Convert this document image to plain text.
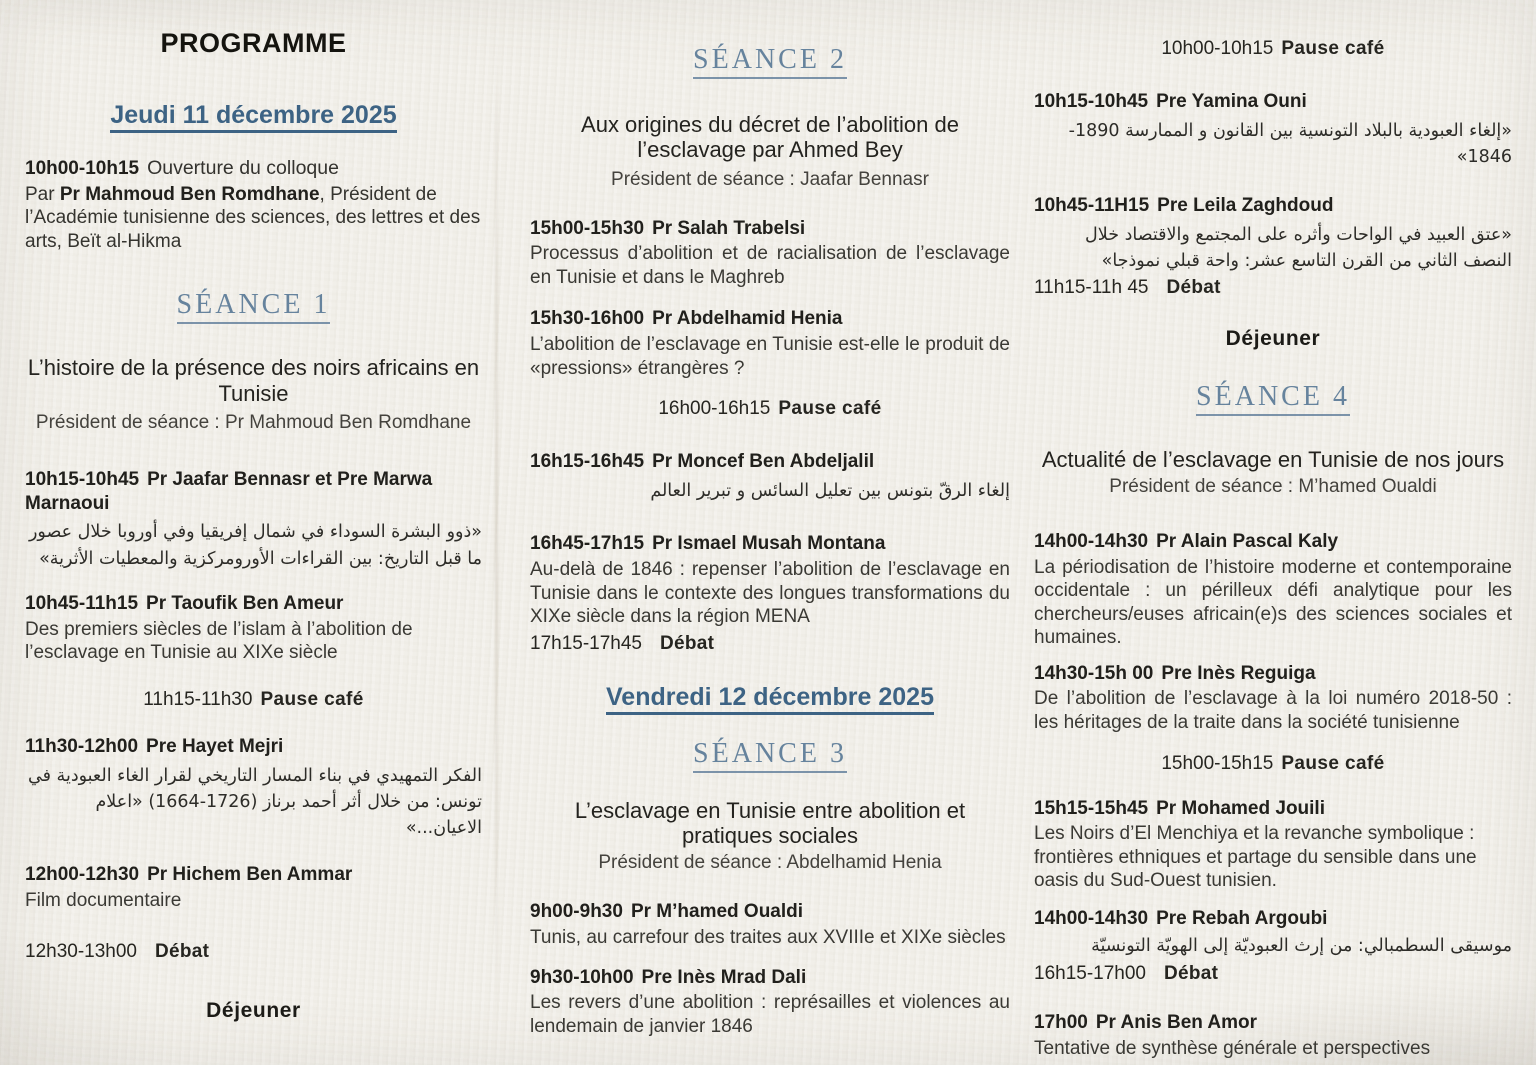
PROGRAMME
Jeudi 11 décembre 2025
10h00-10h15 Ouverture du colloque

Par Pr Mahmoud Ben Romdhane, Président de l’Académie tunisienne des sciences, des lettres et des arts, Beït al-Hikma

SÉANCE 1
L’histoire de la présence des noirs africains en Tunisie
Président de séance : Pr Mahmoud Ben Romdhane
10h15-10h45 Pr Jaafar Bennasr et Pre Marwa Marnaoui

«ذوو البشرة السوداء في شمال إفريقيا وفي أوروبا خلال عصور ما قبل التاريخ: بين القراءات الأورومركزية والمعطيات الأثرية»

10h45-11h15 Pr Taoufik Ben Ameur

Des premiers siècles de l’islam à l’abolition de l’esclavage en Tunisie au XIXe siècle

11h15-11h30 Pause café
11h30-12h00 Pre Hayet Mejri

الفكر التمهيدي في بناء المسار التاريخي لقرار الغاء العبودية في تونس: من خلال أثر أحمد برناز (1726-1664) «اعلام الاعيان...»

12h00-12h30 Pr Hichem Ben Ammar

Film documentaire

12h30-13h00 Débat
Déjeuner
SÉANCE 2
Aux origines du décret de l’abolition de l’esclavage par Ahmed Bey
Président de séance : Jaafar Bennasr
15h00-15h30 Pr Salah Trabelsi

Processus d’abolition et de racialisation de l’esclavage en Tunisie et dans le Maghreb

15h30-16h00 Pr Abdelhamid Henia

L’abolition de l’esclavage en Tunisie est-elle le produit de «pressions» étrangères ?

16h00-16h15 Pause café
16h15-16h45 Pr Moncef Ben Abdeljalil

إلغاء الرقّ بتونس بين تعليل السائس و تبرير العالم

16h45-17h15 Pr Ismael Musah Montana

Au-delà de 1846 : repenser l’abolition de l’esclavage en Tunisie dans le contexte des longues transformations du XIXe siècle dans la région MENA

17h15-17h45 Débat
Vendredi 12 décembre 2025
SÉANCE 3
L’esclavage en Tunisie entre abolition et pratiques sociales
Président de séance : Abdelhamid Henia
9h00-9h30 Pr M’hamed Oualdi

Tunis, au carrefour des traites aux XVIIIe et XIXe siècles

9h30-10h00 Pre Inès Mrad Dali

Les revers d’une abolition : représailles et violences au lendemain de janvier 1846

10h00-10h15 Pause café
10h15-10h45 Pre Yamina Ouni

«إلغاء العبودية بالبلاد التونسية بين القانون و الممارسة 1890-1846»

10h45-11H15 Pre Leila Zaghdoud

«عتق العبيد في الواحات وأثره على المجتمع والاقتصاد خلال النصف الثاني من القرن التاسع عشر: واحة قبلي نموذجا»

11h15-11h 45 Débat
Déjeuner
SÉANCE 4
Actualité de l’esclavage en Tunisie de nos jours
Président de séance : M’hamed Oualdi
14h00-14h30 Pr Alain Pascal Kaly

La périodisation de l’histoire moderne et contemporaine occidentale : un périlleux défi analytique pour les chercheurs/euses africain(e)s des sciences sociales et humaines.

14h30-15h 00 Pre Inès Reguiga

De l’abolition de l’esclavage à la loi numéro 2018-50 : les héritages de la traite dans la société tunisienne

15h00-15h15 Pause café
15h15-15h45 Pr Mohamed Jouili

Les Noirs d’El Menchiya et la revanche symbolique : frontières ethniques et partage du sensible dans une oasis du Sud-Ouest tunisien.

14h00-14h30 Pre Rebah Argoubi

موسيقى السطمبالي: من إرث العبوديّة إلى الهويّة التونسيّة

16h15-17h00 Débat
17h00 Pr Anis Ben Amor

Tentative de synthèse générale et perspectives
